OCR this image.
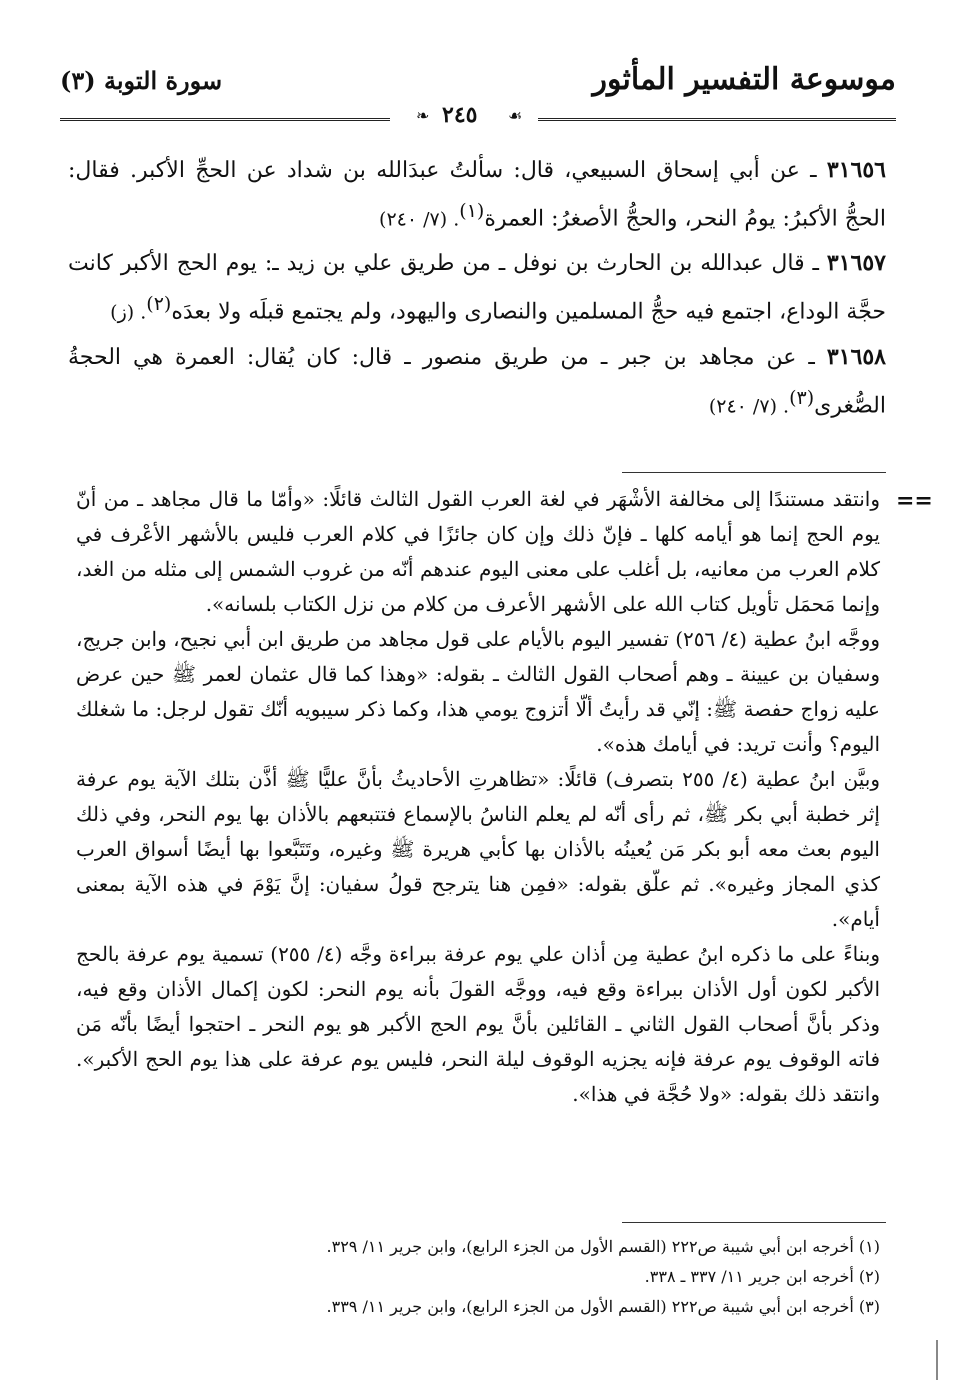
موسوعة التفسير المأثور
سورة التوبة (٣)
❧ ٢٤٥ ☙

٣١٦٥٦ ـ عن أبي إسحاق السبيعي، قال: سألتُ عبدَالله بن شداد عن الحجِّ الأكبر. فقال: الحجُّ الأكبرُ: يومُ النحر، والحجُّ الأصغرُ: العمرة$^{(١)}$. (٧/ ٢٤٠)

٣١٦٥٧ ـ قال عبدالله بن الحارث بن نوفل ـ من طريق علي بن زيد ـ: يوم الحج الأكبر كانت حجَّة الوداع، اجتمع فيه حجُّ المسلمين والنصارى واليهود، ولم يجتمع قبلَه ولا بعدَه$^{(٢)}$. (ز)

٣١٦٥٨ ـ عن مجاهد بن جبر ـ من طريق منصور ـ قال: كان يُقال: العمرة هي الحجةُ الصُّغرى$^{(٣)}$. (٧/ ٢٤٠)

==

وانتقد مستندًا إلى مخالفة الأشْهَر في لغة العرب القول الثالث قائلًا: «وأمّا ما قال مجاهد ـ من أنّ يوم الحج إنما هو أيامه كلها ـ فإنّ ذلك وإن كان جائزًا في كلام العرب فليس بالأشهر الأعْرف في كلام العرب من معانيه، بل أغلب على معنى اليوم عندهم أنّه من غروب الشمس إلى مثله من الغد، وإنما مَحمَل تأويل كتاب الله على الأشهر الأعرف من كلام من نزل الكتاب بلسانه».

ووجَّه ابنُ عطية (٤/ ٢٥٦) تفسير اليوم بالأيام على قول مجاهد من طريق ابن أبي نجيح، وابن جريج، وسفيان بن عيينة ـ وهم أصحاب القول الثالث ـ بقوله: «وهذا كما قال عثمان لعمر ﷺ حين عرض عليه زواج حفصة ﷺ: إنّي قد رأيتُ ألّا أتزوج يومي هذا، وكما ذكر سيبويه أنّك تقول لرجل: ما شغلك اليوم؟ وأنت تريد: في أيامك هذه».

وبيَّن ابنُ عطية (٤/ ٢٥٥ بتصرف) قائلًا: «تظاهرتِ الأحاديثُ بأنَّ عليًّا ﷺ أذَّن بتلك الآية يوم عرفة إثر خطبة أبي بكر ﷺ، ثم رأى أنّه لم يعلم الناسُ بالإسماع فتتبعهم بالأذان بها يوم النحر، وفي ذلك اليوم بعث معه أبو بكر مَن يُعينُه بالأذان بها كأبي هريرة ﷺ وغيره، وتَتَبَّعوا بها أيضًا أسواق العرب كذي المجاز وغيره». ثم علّق بقوله: «فمِن هنا يترجح قولُ سفيان: إنَّ يَوْمَ في هذه الآية بمعنى أيام».

وبناءً على ما ذكره ابنُ عطية مِن أذان علي يوم عرفة ببراءة وجَّه (٤/ ٢٥٥) تسمية يوم عرفة بالحج الأكبر لكون أول الأذان ببراءة وقع فيه، ووجَّه القولَ بأنه يوم النحر: لكون إكمال الأذان وقع فيه، وذكر بأنَّ أصحاب القول الثاني ـ القائلين بأنَّ يوم الحج الأكبر هو يوم النحر ـ احتجوا أيضًا بأنّه مَن فاته الوقوف يوم عرفة فإنه يجزيه الوقوف ليلة النحر، فليس يوم عرفة على هذا يوم الحج الأكبر». وانتقد ذلك بقوله: «ولا حُجَّة في هذا».

(١) أخرجه ابن أبي شيبة ص٢٢٢ (القسم الأول من الجزء الرابع)، وابن جرير ١١/ ٣٢٩.
(٢) أخرجه ابن جرير ١١/ ٣٣٧ ـ ٣٣٨.
(٣) أخرجه ابن أبي شيبة ص٢٢٢ (القسم الأول من الجزء الرابع)، وابن جرير ١١/ ٣٣٩.
